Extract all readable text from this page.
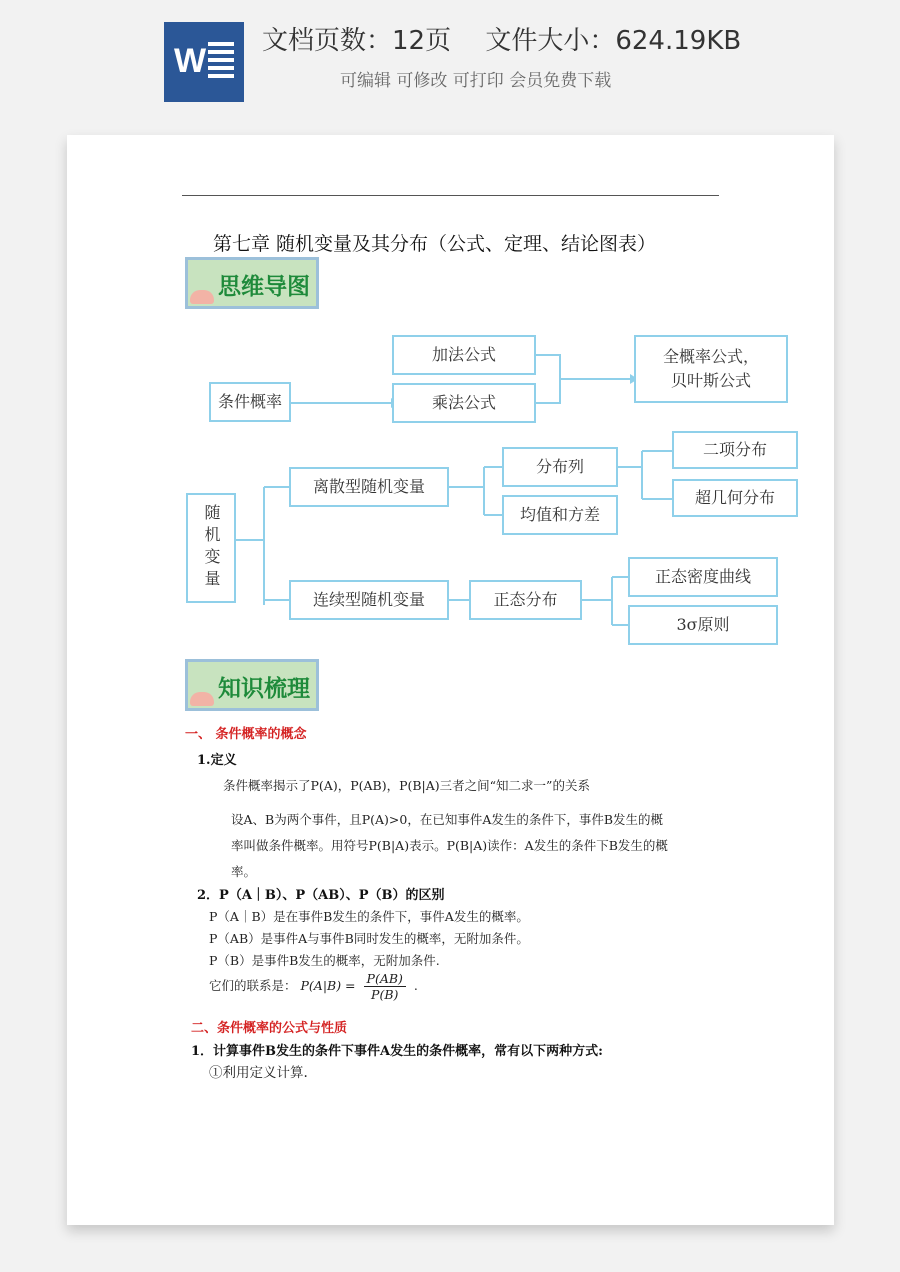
W
文档页数：12页　 文件大小：624.19KB
可编辑 可修改 可打印 会员免费下载
第七章 随机变量及其分布（公式、定理、结论图表）
思维导图
条件概率
加法公式
乘法公式
全概率公式，
贝叶斯公式
随机变量
离散型随机变量
分布列
均值和方差
二项分布
超几何分布
连续型随机变量	正态分布
正态密度曲线
3σ原则
知识梳理
一、 条件概率的概念
1.定义
条件概率揭示了P(A)，P(AB)，P(B|A)三者之间“知二求一”的关系
设A、B为两个事件，且P(A)>0，在已知事件A发生的条件下，事件B发生的概
率叫做条件概率。用符号P(B|A)表示。P(B|A)读作：A发生的条件下B发生的概
率。
2．P（A｜B）、P（AB）、P（B）的区别
P（A｜B）是在事件B发生的条件下，事件A发生的概率。
P（AB）是事件A与事件B同时发生的概率，无附加条件。
P（B）是事件B发生的概率，无附加条件.
它们的联系是： $P(A|B) = \frac{P(AB)}{P(B)}$ .
二、条件概率的公式与性质
1．计算事件B发生的条件下事件A发生的条件概率，常有以下两种方式:
①利用定义计算.
